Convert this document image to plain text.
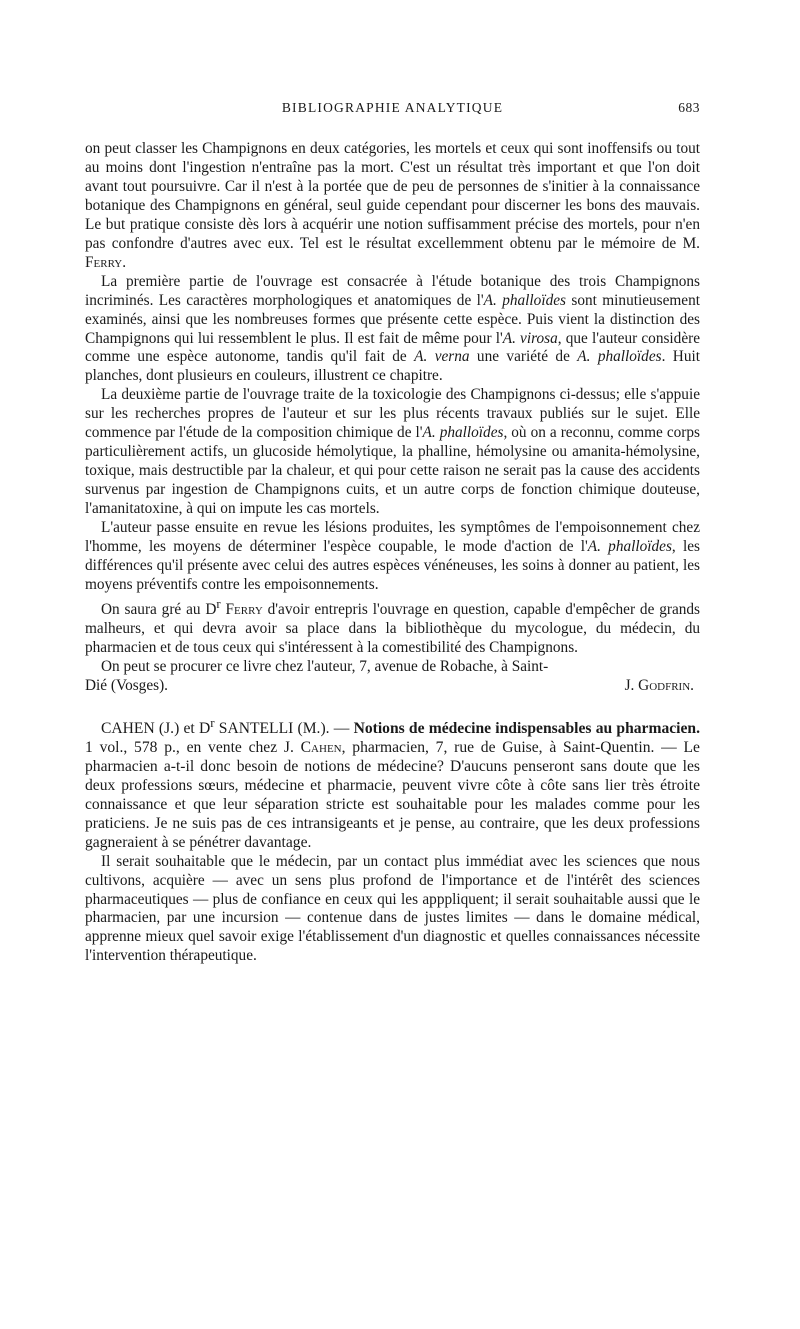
BIBLIOGRAPHIE ANALYTIQUE	683

on peut classer les Champignons en deux catégories, les mortels et ceux qui sont inoffensifs ou tout au moins dont l'ingestion n'entraîne pas la mort. C'est un résultat très important et que l'on doit avant tout poursuivre. Car il n'est à la portée que de peu de personnes de s'initier à la connaissance botanique des Champignons en général, seul guide cependant pour discerner les bons des mauvais. Le but pratique consiste dès lors à acquérir une notion suffisamment précise des mortels, pour n'en pas confondre d'autres avec eux. Tel est le résultat excellemment obtenu par le mémoire de M. Ferry.

La première partie de l'ouvrage est consacrée à l'étude botanique des trois Champignons incriminés. Les caractères morphologiques et anatomiques de l'A. phalloïdes sont minutieusement examinés, ainsi que les nombreuses formes que présente cette espèce. Puis vient la distinction des Champignons qui lui ressemblent le plus. Il est fait de même pour l'A. virosa, que l'auteur considère comme une espèce autonome, tandis qu'il fait de A. verna une variété de A. phalloïdes. Huit planches, dont plusieurs en couleurs, illustrent ce chapitre.

La deuxième partie de l'ouvrage traite de la toxicologie des Champignons ci-dessus; elle s'appuie sur les recherches propres de l'auteur et sur les plus récents travaux publiés sur le sujet. Elle commence par l'étude de la composition chimique de l'A. phalloïdes, où on a reconnu, comme corps particulièrement actifs, un glucoside hémolytique, la phalline, hémolysine ou amanita-hémolysine, toxique, mais destructible par la chaleur, et qui pour cette raison ne serait pas la cause des accidents survenus par ingestion de Champignons cuits, et un autre corps de fonction chimique douteuse, l'amanitatoxine, à qui on impute les cas mortels.

L'auteur passe ensuite en revue les lésions produites, les symptômes de l'empoisonnement chez l'homme, les moyens de déterminer l'espèce coupable, le mode d'action de l'A. phalloïdes, les différences qu'il présente avec celui des autres espèces vénéneuses, les soins à donner au patient, les moyens préventifs contre les empoisonnements.

On saura gré au $D^r$ Ferry d'avoir entrepris l'ouvrage en question, capable d'empêcher de grands malheurs, et qui devra avoir sa place dans la bibliothèque du mycologue, du médecin, du pharmacien et de tous ceux qui s'intéressent à la comestibilité des Champignons.

On peut se procurer ce livre chez l'auteur, 7, avenue de Robache, à Saint-

Dié (Vosges).	J. Godfrin.

CAHEN (J.) et $D^r$ SANTELLI (M.). — Notions de médecine indispensables au pharmacien. 1 vol., 578 p., en vente chez J. Cahen, pharmacien, 7, rue de Guise, à Saint-Quentin. — Le pharmacien a-t-il donc besoin de notions de médecine? D'aucuns penseront sans doute que les deux professions sœurs, médecine et pharmacie, peuvent vivre côte à côte sans lier très étroite connaissance et que leur séparation stricte est souhaitable pour les malades comme pour les praticiens. Je ne suis pas de ces intransigeants et je pense, au contraire, que les deux professions gagneraient à se pénétrer davantage.

Il serait souhaitable que le médecin, par un contact plus immédiat avec les sciences que nous cultivons, acquière — avec un sens plus profond de l'importance et de l'intérêt des sciences pharmaceutiques — plus de confiance en ceux qui les apppliquent; il serait souhaitable aussi que le pharmacien, par une incursion — contenue dans de justes limites — dans le domaine médical, apprenne mieux quel savoir exige l'établissement d'un diagnostic et quelles connaissances nécessite l'intervention thérapeutique.
